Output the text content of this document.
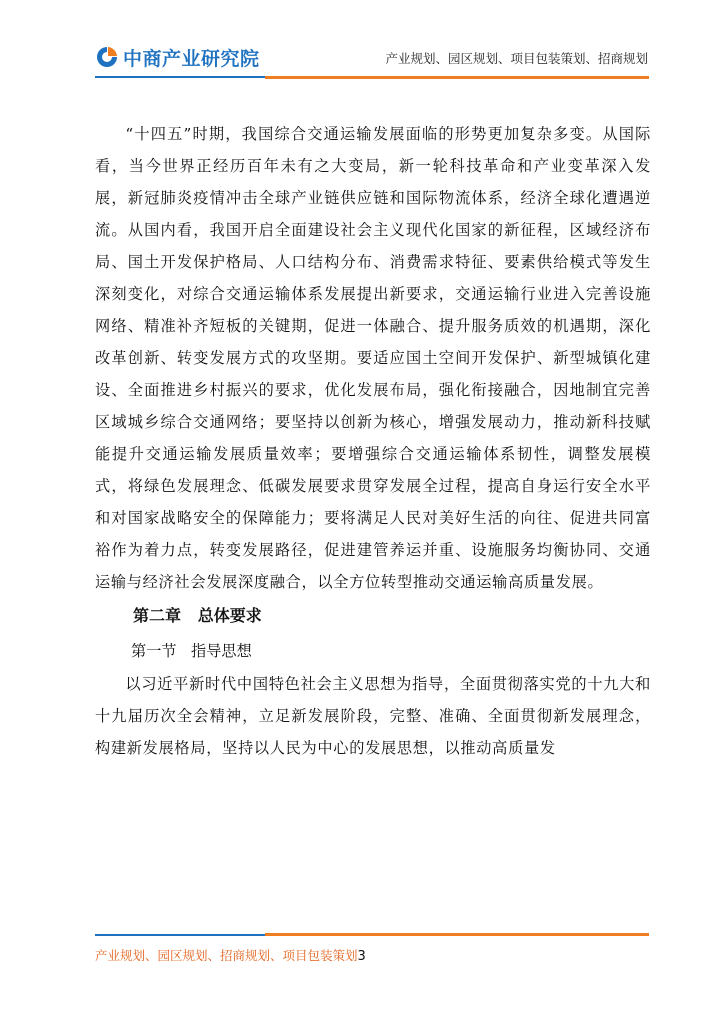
中商产业研究院	产业规划、园区规划、项目包装策划、招商规划

“十四五”时期，我国综合交通运输发展面临的形势更加复杂多变。从国际看，当今世界正经历百年未有之大变局，新一轮科技革命和产业变革深入发展，新冠肺炎疫情冲击全球产业链供应链和国际物流体系，经济全球化遭遇逆流。从国内看，我国开启全面建设社会主义现代化国家的新征程，区域经济布局、国土开发保护格局、人口结构分布、消费需求特征、要素供给模式等发生深刻变化，对综合交通运输体系发展提出新要求，交通运输行业进入完善设施网络、精准补齐短板的关键期，促进一体融合、提升服务质效的机遇期，深化改革创新、转变发展方式的攻坚期。要适应国土空间开发保护、新型城镇化建设、全面推进乡村振兴的要求，优化发展布局，强化衔接融合，因地制宜完善区域城乡综合交通网络；要坚持以创新为核心，增强发展动力，推动新科技赋能提升交通运输发展质量效率；要增强综合交通运输体系韧性，调整发展模式，将绿色发展理念、低碳发展要求贯穿发展全过程，提高自身运行安全水平和对国家战略安全的保障能力；要将满足人民对美好生活的向往、促进共同富裕作为着力点，转变发展路径，促进建管养运并重、设施服务均衡协同、交通运输与经济社会发展深度融合，以全方位转型推动交通运输高质量发展。

第二章   总体要求

第一节   指导思想

以习近平新时代中国特色社会主义思想为指导，全面贯彻落实党的十九大和十九届历次全会精神，立足新发展阶段，完整、准确、全面贯彻新发展理念，构建新发展格局，坚持以人民为中心的发展思想，以推动高质量发

产业规划、园区规划、招商规划、项目包装策划3
